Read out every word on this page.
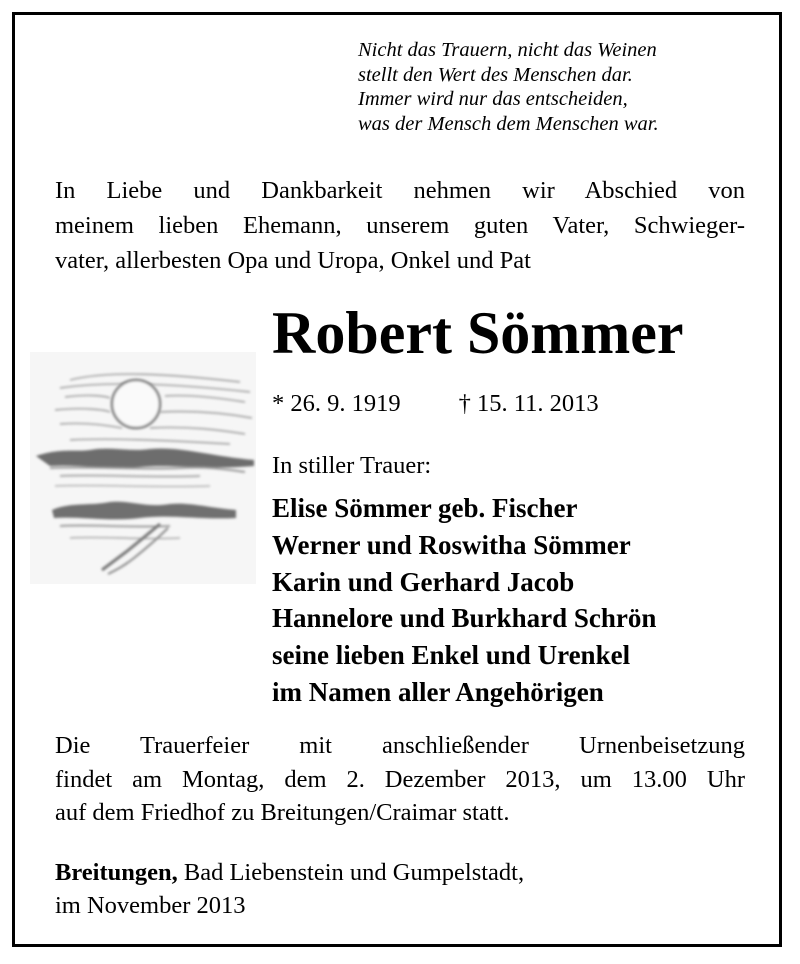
Nicht das Trauern, nicht das Weinen
stellt den Wert des Menschen dar.
Immer wird nur das entscheiden,
was der Mensch dem Menschen war.
In Liebe und Dankbarkeit nehmen wir Abschied von
meinem lieben Ehemann, unserem guten Vater, Schwieger-
vater, allerbesten Opa und Uropa, Onkel und Pat
Robert Sömmer
* 26. 9. 1919 † 15. 11. 2013
In stiller Trauer:
Elise Sömmer geb. Fischer
Werner und Roswitha Sömmer
Karin und Gerhard Jacob
Hannelore und Burkhard Schrön
seine lieben Enkel und Urenkel
im Namen aller Angehörigen
Die Trauerfeier mit anschließender Urnenbeisetzung
findet am Montag, dem 2. Dezember 2013, um 13.00 Uhr
auf dem Friedhof zu Breitungen/Craimar statt.
Breitungen, Bad Liebenstein und Gumpelstadt,
im November 2013
